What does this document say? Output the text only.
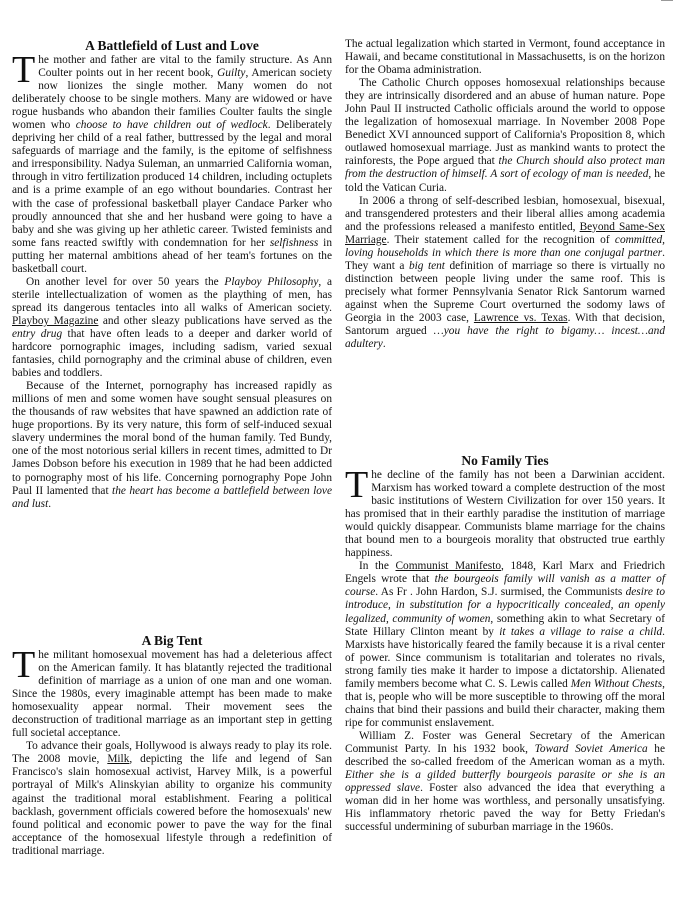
A Battlefield of Lust and Love

The mother and father are vital to the family structure. As Ann Coulter points out in her recent book, Guilty, American society now lionizes the single mother. Many women do not deliberately choose to be single mothers. Many are widowed or have rogue husbands who abandon their families Coulter faults the single women who choose to have children out of wedlock. Deliberately depriving her child of a real father, buttressed by the legal and moral safeguards of marriage and the family, is the epitome of selfishness and irresponsibility. Nadya Suleman, an unmarried California woman, through in vitro fertilization produced 14 children, including octuplets and is a prime example of an ego without boundaries. Contrast her with the case of professional basketball player Candace Parker who proudly announced that she and her husband were going to have a baby and she was giving up her athletic career. Twisted feminists and some fans reacted swiftly with condemnation for her selfishness in putting her maternal ambitions ahead of her team's fortunes on the basketball court.

On another level for over 50 years the Playboy Philosophy, a sterile intellectualization of women as the plaything of men, has spread its dangerous tentacles into all walks of American society. Playboy Magazine and other sleazy publications have served as the entry drug that have often leads to a deeper and darker world of hardcore pornographic images, including sadism, varied sexual fantasies, child pornography and the criminal abuse of children, even babies and toddlers.

Because of the Internet, pornography has increased rapidly as millions of men and some women have sought sensual pleasures on the thousands of raw websites that have spawned an addiction rate of huge proportions. By its very nature, this form of self-induced sexual slavery undermines the moral bond of the human family. Ted Bundy, one of the most notorious serial killers in recent times, admitted to Dr James Dobson before his execution in 1989 that he had been addicted to pornography most of his life. Concerning pornography Pope John Paul II lamented that the heart has become a battlefield between love and lust.

A Big Tent

The militant homosexual movement has had a deleterious affect on the American family. It has blatantly rejected the traditional definition of marriage as a union of one man and one woman. Since the 1980s, every imaginable attempt has been made to make homosexuality appear normal. Their movement sees the deconstruction of traditional marriage as an important step in getting full societal acceptance.

To advance their goals, Hollywood is always ready to play its role. The 2008 movie, Milk, depicting the life and legend of San Francisco's slain homosexual activist, Harvey Milk, is a powerful portrayal of Milk's Alinskyian ability to organize his community against the traditional moral establishment. Fearing a political backlash, government officials cowered before the homosexuals' new found political and economic power to pave the way for the final acceptance of the homosexual lifestyle through a redefinition of traditional marriage.

The actual legalization which started in Vermont, found acceptance in Hawaii, and became constitutional in Massachusetts, is on the horizon for the Obama administration.

The Catholic Church opposes homosexual relationships because they are intrinsically disordered and an abuse of human nature. Pope John Paul II instructed Catholic officials around the world to oppose the legalization of homosexual marriage. In November 2008 Pope Benedict XVI announced support of California's Proposition 8, which outlawed homosexual marriage. Just as mankind wants to protect the rainforests, the Pope argued that the Church should also protect man from the destruction of himself. A sort of ecology of man is needed, he told the Vatican Curia.

In 2006 a throng of self-described lesbian, homosexual, bisexual, and transgendered protesters and their liberal allies among academia and the professions released a manifesto entitled, Beyond Same-Sex Marriage. Their statement called for the recognition of committed, loving households in which there is more than one conjugal partner. They want a big tent definition of marriage so there is virtually no distinction between people living under the same roof. This is precisely what former Pennsylvania Senator Rick Santorum warned against when the Supreme Court overturned the sodomy laws of Georgia in the 2003 case, Lawrence vs. Texas. With that decision, Santorum argued …you have the right to bigamy… incest…and adultery.

No Family Ties

The decline of the family has not been a Darwinian accident. Marxism has worked toward a complete destruction of the most basic institutions of Western Civilization for over 150 years. It has promised that in their earthly paradise the institution of marriage would quickly disappear. Communists blame marriage for the chains that bound men to a bourgeois morality that obstructed true earthly happiness.

In the Communist Manifesto, 1848, Karl Marx and Friedrich Engels wrote that the bourgeois family will vanish as a matter of course. As Fr . John Hardon, S.J. surmised, the Communists desire to introduce, in substitution for a hypocritically concealed, an openly legalized, community of women, something akin to what Secretary of State Hillary Clinton meant by it takes a village to raise a child. Marxists have historically feared the family because it is a rival center of power. Since communism is totalitarian and tolerates no rivals, strong family ties make it harder to impose a dictatorship. Alienated family members become what C. S. Lewis called Men Without Chests, that is, people who will be more susceptible to throwing off the moral chains that bind their passions and build their character, making them ripe for communist enslavement.

William Z. Foster was General Secretary of the American Communist Party. In his 1932 book, Toward Soviet America he described the so-called freedom of the American woman as a myth. Either she is a gilded butterfly bourgeois parasite or she is an oppressed slave. Foster also advanced the idea that everything a woman did in her home was worthless, and personally unsatisfying. His inflammatory rhetoric paved the way for Betty Friedan's successful undermining of suburban marriage in the 1960s.
